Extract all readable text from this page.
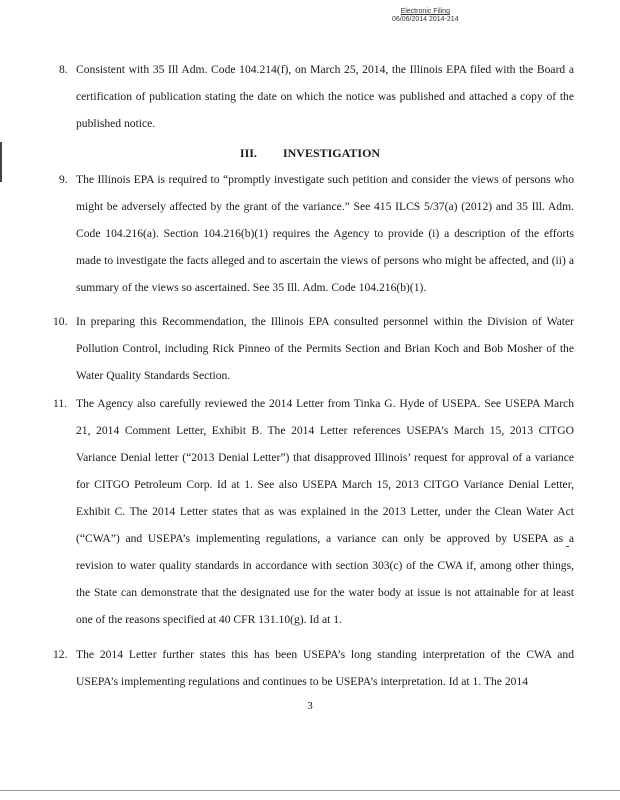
Electronic Filing
06/06/2014 2014-214
8. Consistent with 35 Ill Adm. Code 104.214(f), on March 25, 2014, the Illinois EPA filed with the Board a certification of publication stating the date on which the notice was published and attached a copy of the published notice.
III. INVESTIGATION
9. The Illinois EPA is required to “promptly investigate such petition and consider the views of persons who might be adversely affected by the grant of the variance.” See 415 ILCS 5/37(a) (2012) and 35 Ill. Adm. Code 104.216(a). Section 104.216(b)(1) requires the Agency to provide (i) a description of the efforts made to investigate the facts alleged and to ascertain the views of persons who might be affected, and (ii) a summary of the views so ascertained. See 35 Ill. Adm. Code 104.216(b)(1).
10. In preparing this Recommendation, the Illinois EPA consulted personnel within the Division of Water Pollution Control, including Rick Pinneo of the Permits Section and Brian Koch and Bob Mosher of the Water Quality Standards Section.
11. The Agency also carefully reviewed the 2014 Letter from Tinka G. Hyde of USEPA. See USEPA March 21, 2014 Comment Letter, Exhibit B. The 2014 Letter references USEPA’s March 15, 2013 CITGO Variance Denial letter (“2013 Denial Letter”) that disapproved Illinois’ request for approval of a variance for CITGO Petroleum Corp. Id at 1. See also USEPA March 15, 2013 CITGO Variance Denial Letter, Exhibit C. The 2014 Letter states that as was explained in the 2013 Letter, under the Clean Water Act (“CWA”) and USEPA’s implementing regulations, a variance can only be approved by USEPA as a revision to water quality standards in accordance with section 303(c) of the CWA if, among other things, the State can demonstrate that the designated use for the water body at issue is not attainable for at least one of the reasons specified at 40 CFR 131.10(g). Id at 1.
12. The 2014 Letter further states this has been USEPA’s long standing interpretation of the CWA and USEPA’s implementing regulations and continues to be USEPA’s interpretation. Id at 1. The 2014
3
